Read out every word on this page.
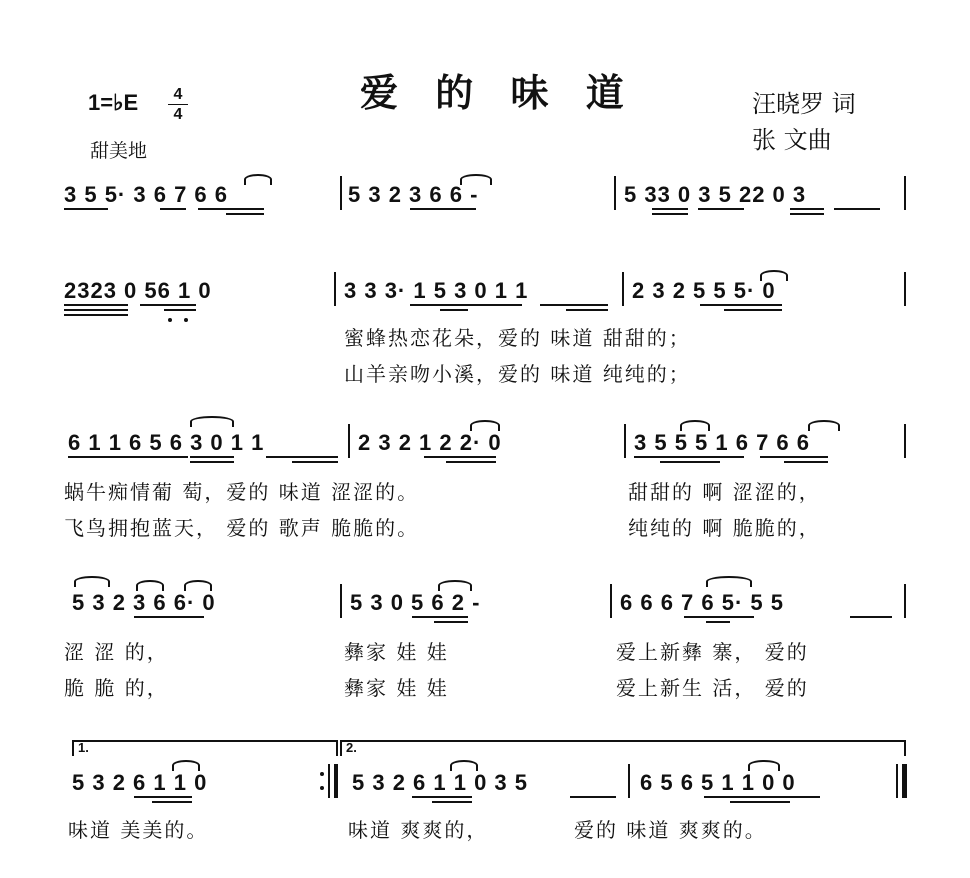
爱 的 味 道
1=♭E	4
4
甜美地
汪晓罗 词
张 文曲
3 5 5· 3 6 7 6 6	5 3 2 3 6 6 -	5 33 0 3 5 22 0 3
2323 0 56 1 0	3 3 3· 1 5 3 0 1 1	2 3 2 5 5 5· 0
蜜蜂热恋花朵，爱的 味道 甜甜的；
山羊亲吻小溪，爱的 味道 纯纯的；
6 1 1 6 5 6 3 0 1 1	2 3 2 1 2 2· 0	3 5 5 5 1 6 7 6 6
蜗牛痴情葡 萄，爱的 味道 涩涩的。	甜甜的 啊 涩涩的，
飞鸟拥抱蓝天， 爱的 歌声 脆脆的。	纯纯的 啊 脆脆的，
5 3 2 3 6 6· 0	5 3 0 5 6 2 -	6 6 6 7 6 5· 5 5
涩 涩 的，	彝家 娃 娃	爱上新彝 寨， 爱的
脆 脆 的，	彝家 娃 娃	爱上新生 活， 爱的
1.	2.
5 3 2 6 1 1 0	5 3 2 6 1 1 0 3 5	6 5 6 5 1 1 0 0
味道 美美的。	味道 爽爽的，	爱的 味道 爽爽的。
